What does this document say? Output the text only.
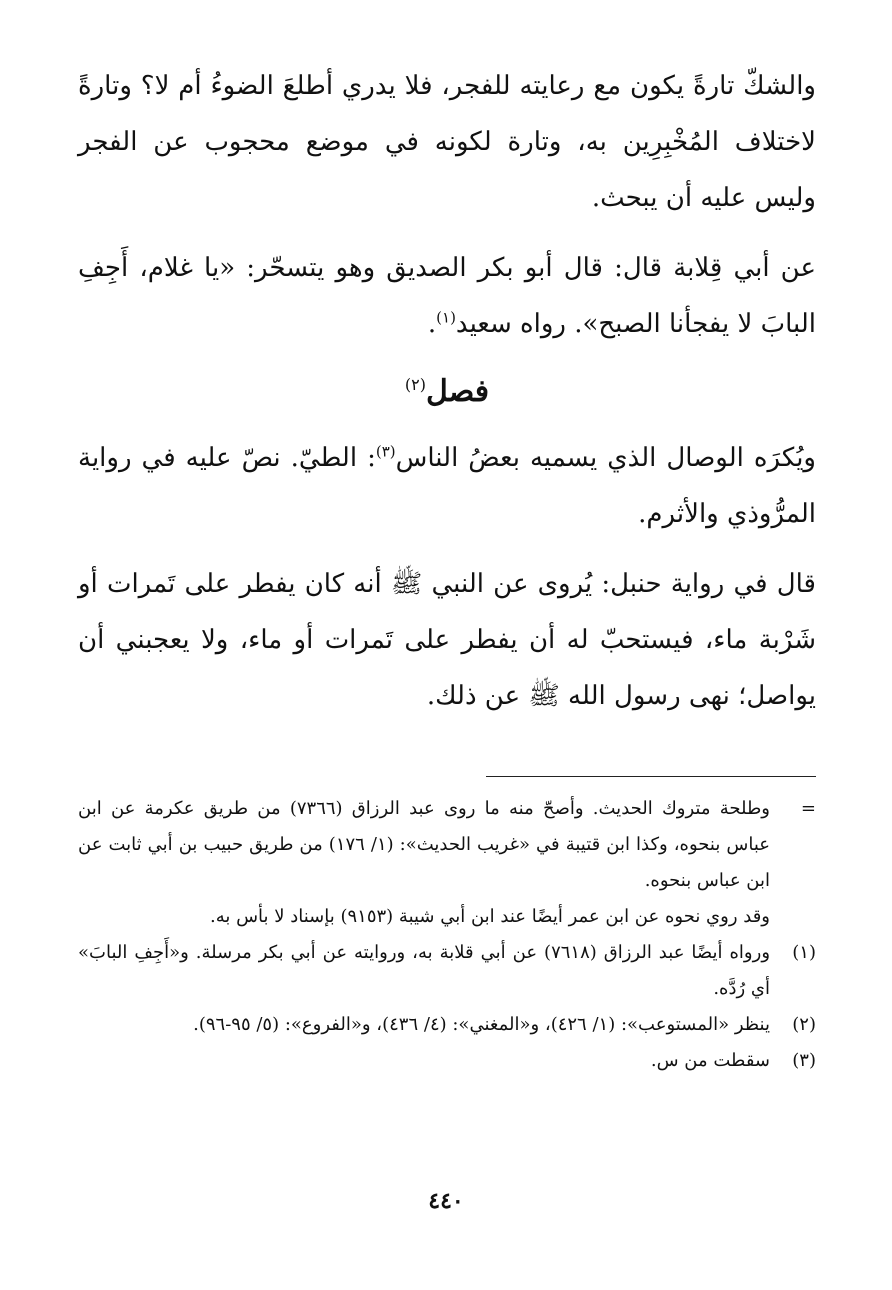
والشكّ تارةً يكون مع رعايته للفجر، فلا يدري أطلعَ الضوءُ أم لا؟ وتارةً لاختلاف المُخْبِرِين به، وتارة لكونه في موضع محجوب عن الفجر وليس عليه أن يبحث.

عن أبي قِلابة قال: قال أبو بكر الصديق وهو يتسحّر: «يا غلام، أَجِفِ البابَ لا يفجأنا الصبح». رواه سعيد$^{(١)}$.

فصل$^{(٢)}$

ويُكرَه الوصال الذي يسميه بعضُ الناس$^{(٣)}$: الطيّ. نصّ عليه في رواية المرُّوذي والأثرم.

قال في رواية حنبل: يُروى عن النبي ﷺ أنه كان يفطر على تَمرات أو شَرْبة ماء، فيستحبّ له أن يفطر على تَمرات أو ماء، ولا يعجبني أن يواصل؛ نهى رسول الله ﷺ عن ذلك.

=
وطلحة متروك الحديث. وأصحّ منه ما روى عبد الرزاق (٧٣٦٦) من طريق عكرمة عن ابن عباس بنحوه، وكذا ابن قتيبة في «غريب الحديث»: (١/ ١٧٦) من طريق حبيب بن أبي ثابت عن ابن عباس بنحوه.
وقد روي نحوه عن ابن عمر أيضًا عند ابن أبي شيبة (٩١٥٣) بإسناد لا بأس به.
(١)
ورواه أيضًا عبد الرزاق (٧٦١٨) عن أبي قلابة به، وروايته عن أبي بكر مرسلة. و«أَجِفِ البابَ» أي رُدَّه.
(٢)
ينظر «المستوعب»: (١/ ٤٢٦)، و«المغني»: (٤/ ٤٣٦)، و«الفروع»: (٥/ ٩٥-٩٦).
(٣)
سقطت من س.
٤٤٠
